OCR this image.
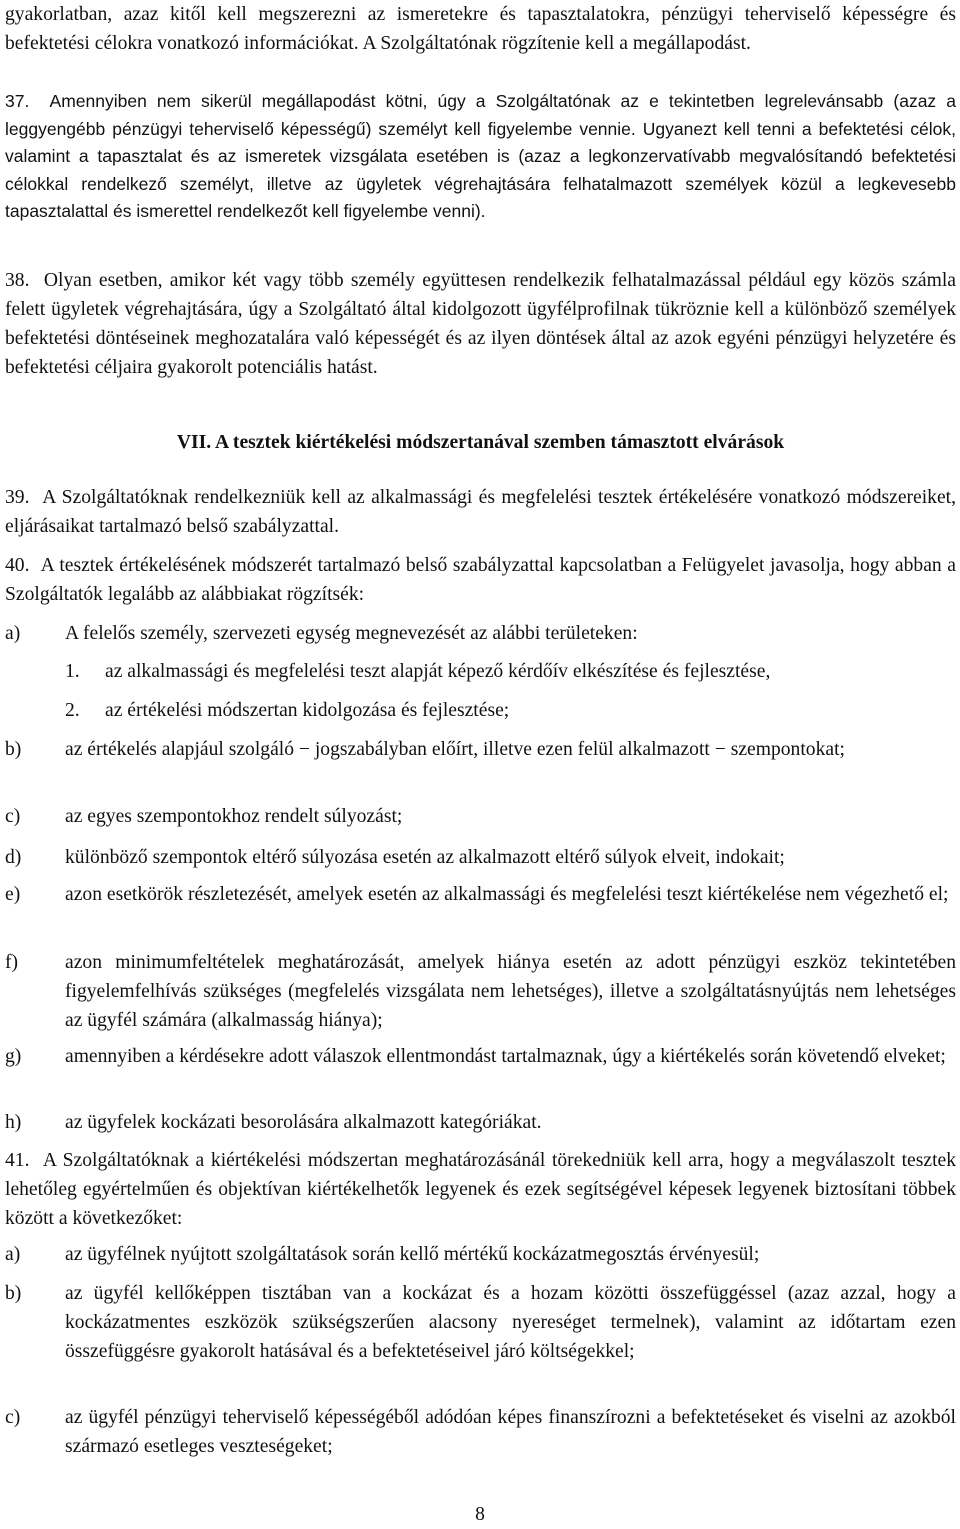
gyakorlatban, azaz kitől kell megszerezni az ismeretekre és tapasztalatokra, pénzügyi teherviselő képességre és befektetési célokra vonatkozó információkat. A Szolgáltatónak rögzítenie kell a megállapodást.

37. Amennyiben nem sikerül megállapodást kötni, úgy a Szolgáltatónak az e tekintetben legrelevánsabb (azaz a leggyengébb pénzügyi teherviselő képességű) személyt kell figyelembe vennie. Ugyanezt kell tenni a befektetési célok, valamint a tapasztalat és az ismeretek vizsgálata esetében is (azaz a legkonzervatívabb megvalósítandó befektetési célokkal rendelkező személyt, illetve az ügyletek végrehajtására felhatalmazott személyek közül a legkevesebb tapasztalattal és ismerettel rendelkezőt kell figyelembe venni).

38. Olyan esetben, amikor két vagy több személy együttesen rendelkezik felhatalmazással például egy közös számla felett ügyletek végrehajtására, úgy a Szolgáltató által kidolgozott ügyfélprofilnak tükröznie kell a különböző személyek befektetési döntéseinek meghozatalára való képességét és az ilyen döntések által az azok egyéni pénzügyi helyzetére és befektetési céljaira gyakorolt potenciális hatást.

VII. A tesztek kiértékelési módszertanával szemben támasztott elvárások

39. A Szolgáltatóknak rendelkezniük kell az alkalmassági és megfelelési tesztek értékelésére vonatkozó módszereiket, eljárásaikat tartalmazó belső szabályzattal.

40. A tesztek értékelésének módszerét tartalmazó belső szabályzattal kapcsolatban a Felügyelet javasolja, hogy abban a Szolgáltatók legalább az alábbiakat rögzítsék:

a)	A felelős személy, szervezeti egység megnevezését az alábbi területeken:
1.	az alkalmassági és megfelelési teszt alapját képező kérdőív elkészítése és fejlesztése,
2.	az értékelési módszertan kidolgozása és fejlesztése;
b)	az értékelés alapjául szolgáló − jogszabályban előírt, illetve ezen felül alkalmazott − szempontokat;
c)	az egyes szempontokhoz rendelt súlyozást;
d)	különböző szempontok eltérő súlyozása esetén az alkalmazott eltérő súlyok elveit, indokait;
e)	azon esetkörök részletezését, amelyek esetén az alkalmassági és megfelelési teszt kiértékelése nem végezhető el;
f)	azon minimumfeltételek meghatározását, amelyek hiánya esetén az adott pénzügyi eszköz tekintetében figyelemfelhívás szükséges (megfelelés vizsgálata nem lehetséges), illetve a szolgáltatásnyújtás nem lehetséges az ügyfél számára (alkalmasság hiánya);
g)	amennyiben a kérdésekre adott válaszok ellentmondást tartalmaznak, úgy a kiértékelés során követendő elveket;
h)	az ügyfelek kockázati besorolására alkalmazott kategóriákat.

41. A Szolgáltatóknak a kiértékelési módszertan meghatározásánál törekedniük kell arra, hogy a megválaszolt tesztek lehetőleg egyértelműen és objektívan kiértékelhetők legyenek és ezek segítségével képesek legyenek biztosítani többek között a következőket:

a)	az ügyfélnek nyújtott szolgáltatások során kellő mértékű kockázatmegosztás érvényesül;
b)	az ügyfél kellőképpen tisztában van a kockázat és a hozam közötti összefüggéssel (azaz azzal, hogy a kockázatmentes eszközök szükségszerűen alacsony nyereséget termelnek), valamint az időtartam ezen összefüggésre gyakorolt hatásával és a befektetéseivel járó költségekkel;
c)	az ügyfél pénzügyi teherviselő képességéből adódóan képes finanszírozni a befektetéseket és viselni az azokból származó esetleges veszteségeket;
8
